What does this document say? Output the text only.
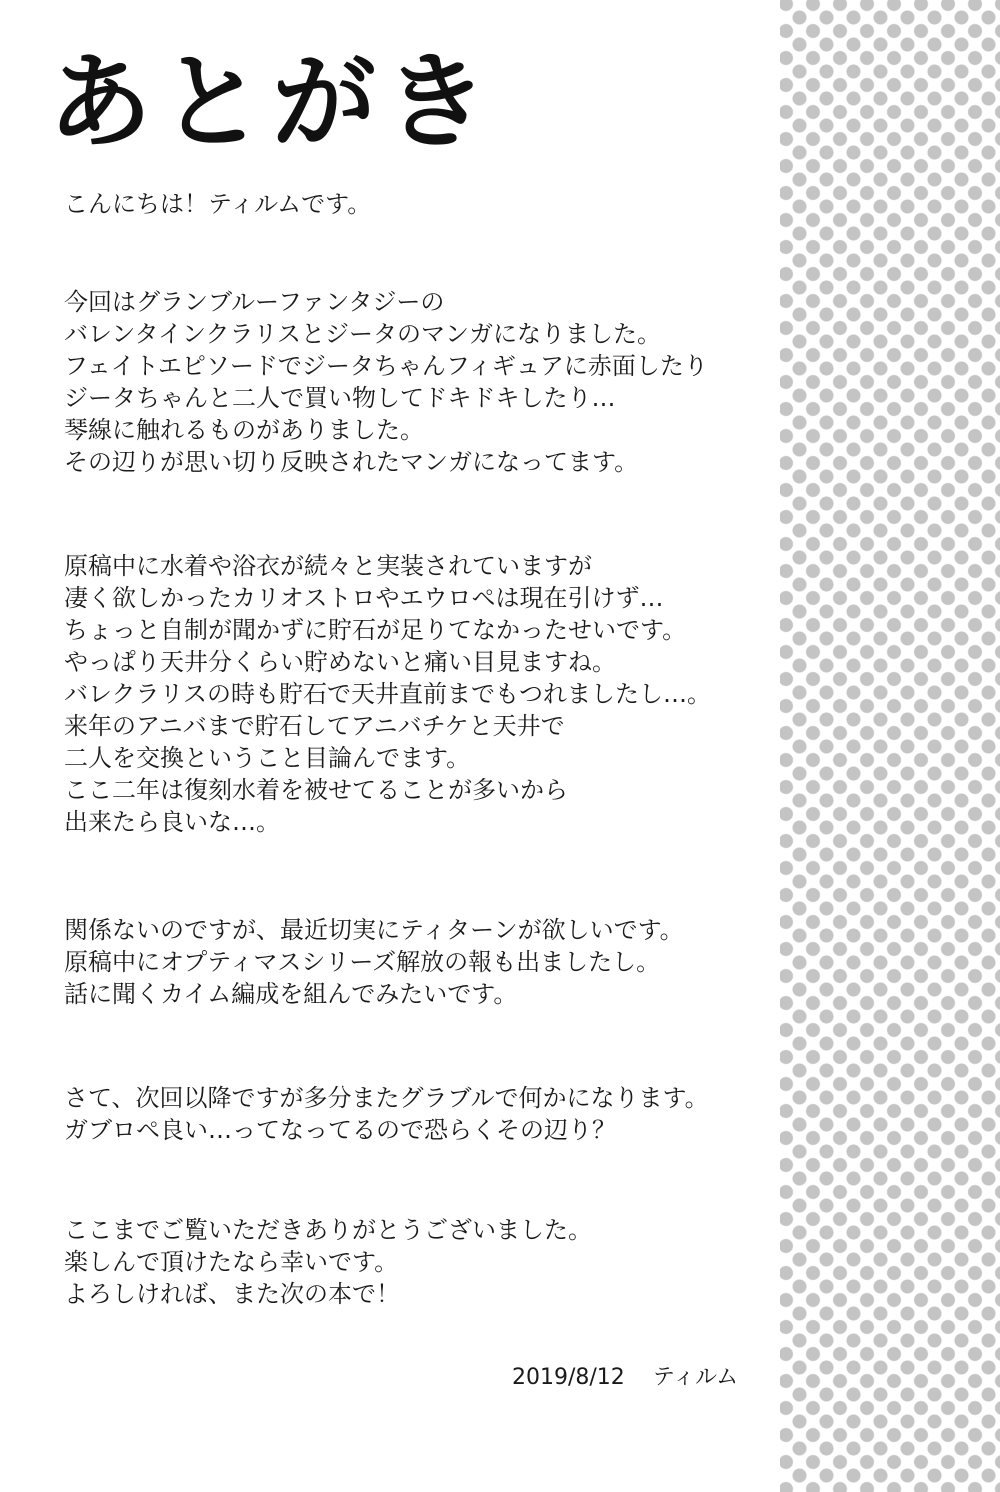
あとがき
こんにちは！ティルムです。
今回はグランブルーファンタジーの
バレンタインクラリスとジータのマンガになりました。
フェイトエピソードでジータちゃんフィギュアに赤面したり
ジータちゃんと二人で買い物してドキドキしたり…
琴線に触れるものがありました。
その辺りが思い切り反映されたマンガになってます。
原稿中に水着や浴衣が続々と実装されていますが
凄く欲しかったカリオストロやエウロペは現在引けず…
ちょっと自制が聞かずに貯石が足りてなかったせいです。
やっぱり天井分くらい貯めないと痛い目見ますね。
バレクラリスの時も貯石で天井直前までもつれましたし…。
来年のアニバまで貯石してアニバチケと天井で
二人を交換ということ目論んでます。
ここ二年は復刻水着を被せてることが多いから
出来たら良いな…。
関係ないのですが、最近切実にティターンが欲しいです。
原稿中にオプティマスシリーズ解放の報も出ましたし。
話に聞くカイム編成を組んでみたいです。
さて、次回以降ですが多分またグラブルで何かになります。
ガブロペ良い…ってなってるので恐らくその辺り？
ここまでご覧いただきありがとうございました。
楽しんで頂けたなら幸いです。
よろしければ、また次の本で！
2019/8/12 ティルム
